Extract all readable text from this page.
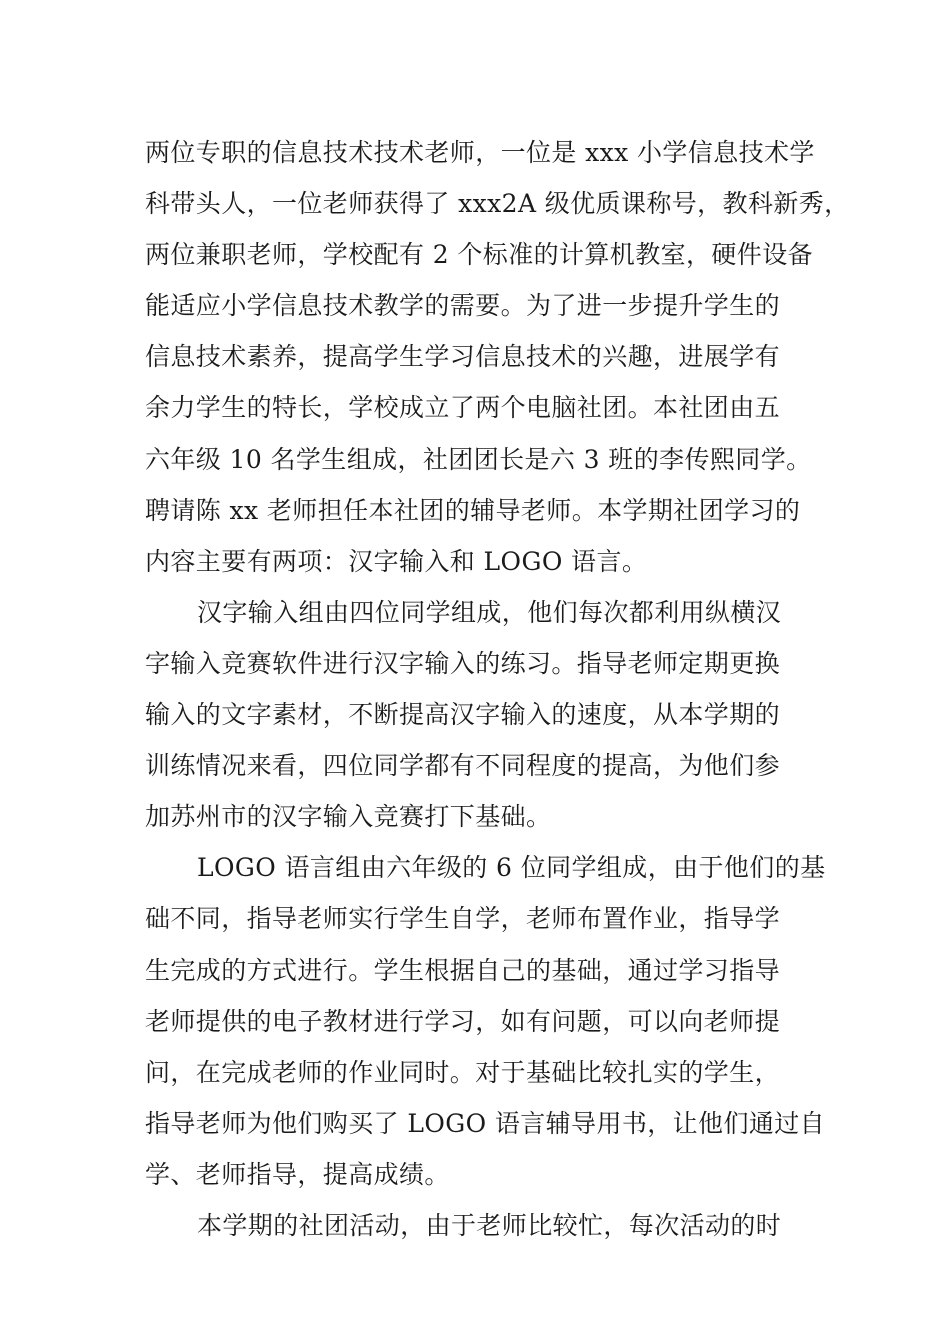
两位专职的信息技术技术老师，一位是 xxx 小学信息技术学
科带头人，一位老师获得了 xxx2A 级优质课称号，教科新秀，
两位兼职老师，学校配有 2 个标准的计算机教室，硬件设备
能适应小学信息技术教学的需要。为了进一步提升学生的
信息技术素养，提高学生学习信息技术的兴趣，进展学有
余力学生的特长，学校成立了两个电脑社团。本社团由五
六年级 10 名学生组成，社团团长是六 3 班的李传熙同学。
聘请陈 xx 老师担任本社团的辅导老师。本学期社团学习的
内容主要有两项：汉字输入和 LOGO 语言。
汉字输入组由四位同学组成，他们每次都利用纵横汉
字输入竞赛软件进行汉字输入的练习。指导老师定期更换
输入的文字素材，不断提高汉字输入的速度，从本学期的
训练情况来看，四位同学都有不同程度的提高，为他们参
加苏州市的汉字输入竞赛打下基础。
LOGO 语言组由六年级的 6 位同学组成，由于他们的基
础不同，指导老师实行学生自学，老师布置作业，指导学
生完成的方式进行。学生根据自己的基础，通过学习指导
老师提供的电子教材进行学习，如有问题，可以向老师提
问，在完成老师的作业同时。对于基础比较扎实的学生，
指导老师为他们购买了 LOGO 语言辅导用书，让他们通过自
学、老师指导，提高成绩。
本学期的社团活动，由于老师比较忙，每次活动的时
